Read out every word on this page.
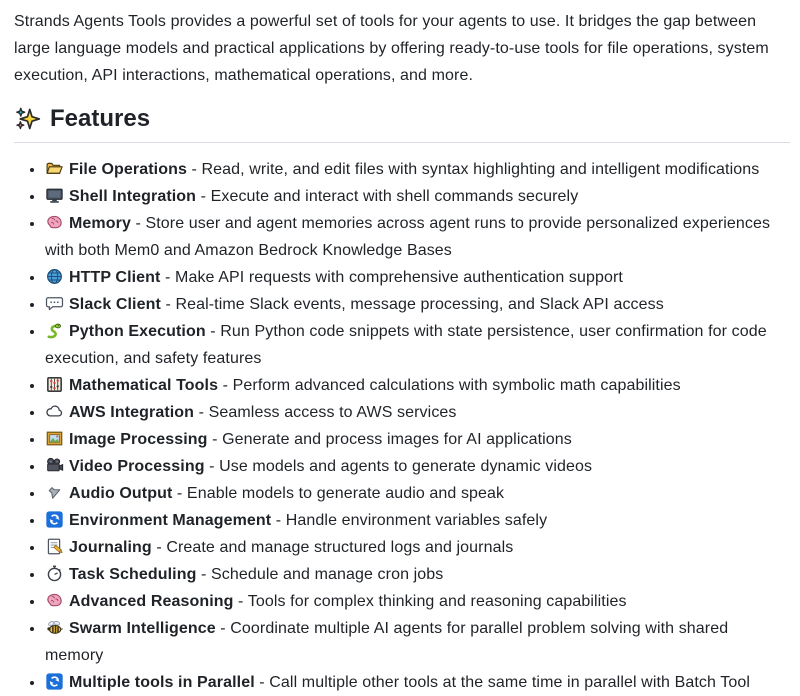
Strands Agents Tools provides a powerful set of tools for your agents to use. It bridges the gap between large language models and practical applications by offering ready-to-use tools for file operations, system execution, API interactions, mathematical operations, and more.

Features
• File Operations - Read, write, and edit files with syntax highlighting and intelligent modifications
• Shell Integration - Execute and interact with shell commands securely
• Memory - Store user and agent memories across agent runs to provide personalized experiences with both Mem0 and Amazon Bedrock Knowledge Bases
• HTTP Client - Make API requests with comprehensive authentication support
• Slack Client - Real-time Slack events, message processing, and Slack API access
• Python Execution - Run Python code snippets with state persistence, user confirmation for code execution, and safety features
• Mathematical Tools - Perform advanced calculations with symbolic math capabilities
• AWS Integration - Seamless access to AWS services
• Image Processing - Generate and process images for AI applications
• Video Processing - Use models and agents to generate dynamic videos
• Audio Output - Enable models to generate audio and speak
• Environment Management - Handle environment variables safely
• Journaling - Create and manage structured logs and journals
• Task Scheduling - Schedule and manage cron jobs
• Advanced Reasoning - Tools for complex thinking and reasoning capabilities
• Swarm Intelligence - Coordinate multiple AI agents for parallel problem solving with shared memory
• Multiple tools in Parallel - Call multiple other tools at the same time in parallel with Batch Tool
